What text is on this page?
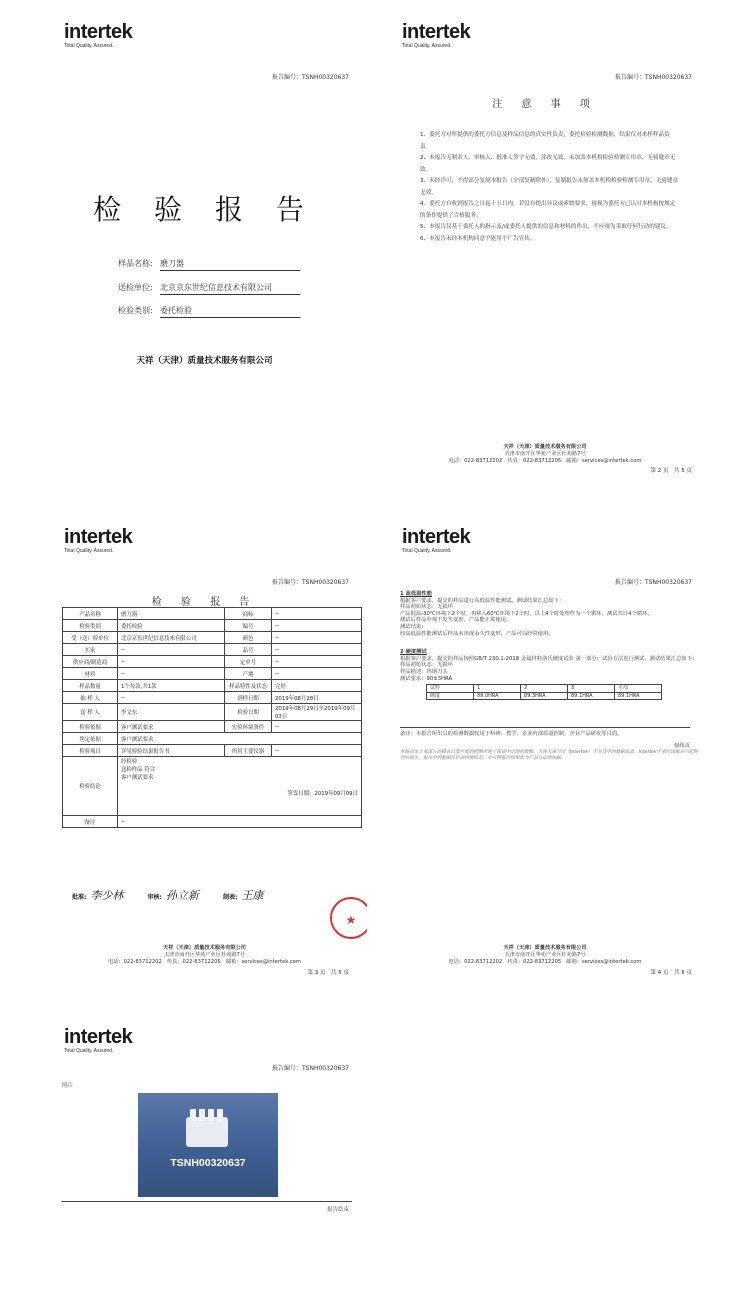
intertek
Total Quality. Assured.
报告编号：TSNH00320637
检 验 报 告
样品名称: 磨刀器
送检单位: 北京京东世纪信息技术有限公司
检验类别: 委托检验
天祥（天津）质量技术服务有限公司
intertek
Total Quality. Assured.
报告编号：TSNH00320637
注 意 事 项
1、委托方对所提供的委托方信息及样品信息的真实性负责，委托检验检测数据、结果仅对来样样品负责。
2、本报告无制表人、审核人、批准人签字无效，涂改无效，未加盖本机构检验检测专用章、无骑缝章无效。
3、未经许可，不得部分复制本报告（全部复制除外），复制报告未加盖本机构检验检测专用章、无骑缝章无效。
4、委托方自收到报告之日起十五日内，若没有提出异议或索赔要求，视视为委托方已认可本机构按规定的条件提供了合格服务。
5、本报告仅基于委托人的指示及/或委托人提供的信息和材料的作出，不应视为采取任何行动的建议。
6、本报告未经本机构同意不能用于广告宣传。
天祥（天津）质量技术服务有限公司
天津市南开区华苑产业区杜苑路7号
电话：022-83712202　传真：022-83712205　邮箱：services@intertek.com
第 2 页　共 5 页
intertek
Total Quality. Assured.
报告编号：TSNH00320637
检 验 报 告
产品名称	磨刀器	商标	--
检验类别	委托检验	编号	--
受（送）检单位	北京京东世纪信息技术有限公司	颜色	--
买家	--	品号	--
供应商/制造商	--	定单号	--
材质	--	产地	--
样品数量	1个每款,共1款	样品特性及状态	完好
抽 样 人	--	到样日期	2019年08月28日
送 样 人	李文东	检验日期	2019年08月29日至2019年09月03日
检验依据	客户测试要求	实验环境条件	--
判定依据	客户测试要求		
检验项目	详见检验结果报告书	所用主要仪器	--
检验结论	经检验
送检样品 符合
客户测试要求
签发日期：2019年09月09日		

备注	--		
批准: 李少林	审核: 孙立新	制表: 王康
★
天祥（天津）质量技术服务有限公司
天津市南开区华苑产业区杜苑路7号
电话：022-83712202　传真：022-83712205　邮箱：services@intertek.com
第 3 页　共 5 页
intertek
Total Quality. Assured.
报告编号：TSNH00320637
1 高低温性能
根据客户要求，提交的样品进行高低温性能测试。测试结果汇总如下：
样品初始状态：无损坏
产品低温-30℃环境下2个时，再移入60℃环境下2个时，以上4个时处理作为一个循环，测试共计4个循环。
测试后样品外观不发生变形，产品能正常使用。
测试结果：
经高低温性能测试后样品未出现永久性变形，产品可以经常使用。
2 硬度测试
根据客户要求，提交的样品按照GB/T 230.1-2018 金属材料洛氏硬度试验 第一部分：试验方法进行测试，测试结果汇总如下：
样品初始状态：无损坏
样品描述：钨钢刀头
测试要求：90±3HRA
试样	1	2	3	平均
硬度	89.0HRA	89.3HRA	89.1HRA	89.1HRA
备注：本报告所出具的检测数据仅用于科研、教学、企业内部质量控制、企业产品研发等目的。
接续页
本报告由于承诺人的报告以及可能的检测实施了保证中出现的数据。天祥天津公司（Intertek）不对其中的数据负责。Intertek不承担因报告引起的任何损失，报告中的数据仅针对所测样品，不可将报告结果作为产品认证的依据。
天祥（天津）质量技术服务有限公司
天津市南开区华苑产业区杜苑路7号
电话：022-83712202　传真：022-83712205　邮箱：services@intertek.com
第 4 页　共 5 页
intertek
Total Quality. Assured.
报告编号：TSNH00320637
照片
TSNH00320637
报告结束
